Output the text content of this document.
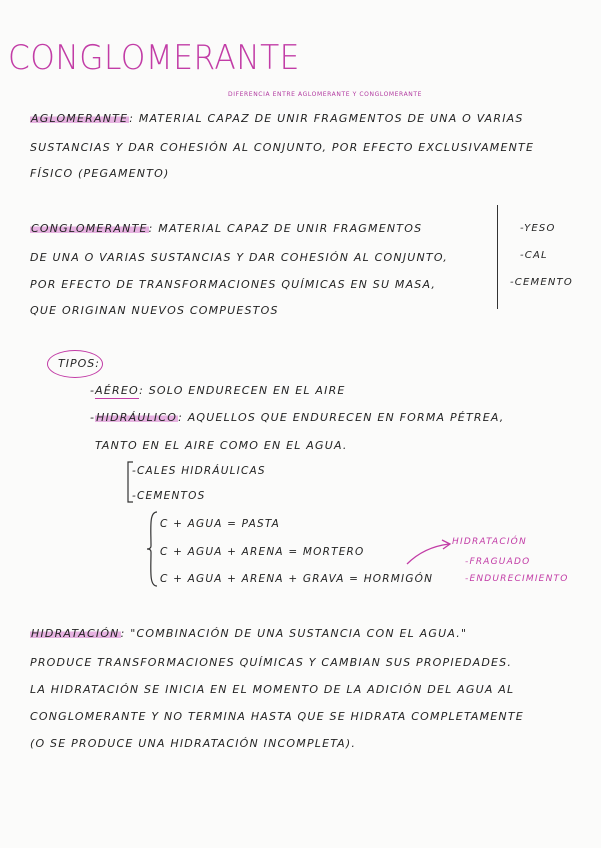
CONGLOMERANTE
DIFERENCIA ENTRE AGLOMERANTE Y CONGLOMERANTE
AGLOMERANTE: MATERIAL CAPAZ DE UNIR FRAGMENTOS DE UNA O VARIAS
SUSTANCIAS Y DAR COHESIÓN AL CONJUNTO, POR EFECTO EXCLUSIVAMENTE
FÍSICO (PEGAMENTO)
CONGLOMERANTE: MATERIAL CAPAZ DE UNIR FRAGMENTOS
DE UNA O VARIAS SUSTANCIAS Y DAR COHESIÓN AL CONJUNTO,
POR EFECTO DE TRANSFORMACIONES QUÍMICAS EN SU MASA,
QUE ORIGINAN NUEVOS COMPUESTOS
-YESO
-CAL
-CEMENTO
TIPOS:
-AÉREO: SOLO ENDURECEN EN EL AIRE
-HIDRÁULICO: AQUELLOS QUE ENDURECEN EN FORMA PÉTREA,
TANTO EN EL AIRE COMO EN EL AGUA.
-CALES HIDRÁULICAS
-CEMENTOS
C + AGUA = PASTA
C + AGUA + ARENA = MORTERO
C + AGUA + ARENA + GRAVA = HORMIGÓN
HIDRATACIÓN
-FRAGUADO
-ENDURECIMIENTO
HIDRATACIÓN: "COMBINACIÓN DE UNA SUSTANCIA CON EL AGUA."
PRODUCE TRANSFORMACIONES QUÍMICAS Y CAMBIAN SUS PROPIEDADES.
LA HIDRATACIÓN SE INICIA EN EL MOMENTO DE LA ADICIÓN DEL AGUA AL
CONGLOMERANTE Y NO TERMINA HASTA QUE SE HIDRATA COMPLETAMENTE
(O SE PRODUCE UNA HIDRATACIÓN INCOMPLETA).
